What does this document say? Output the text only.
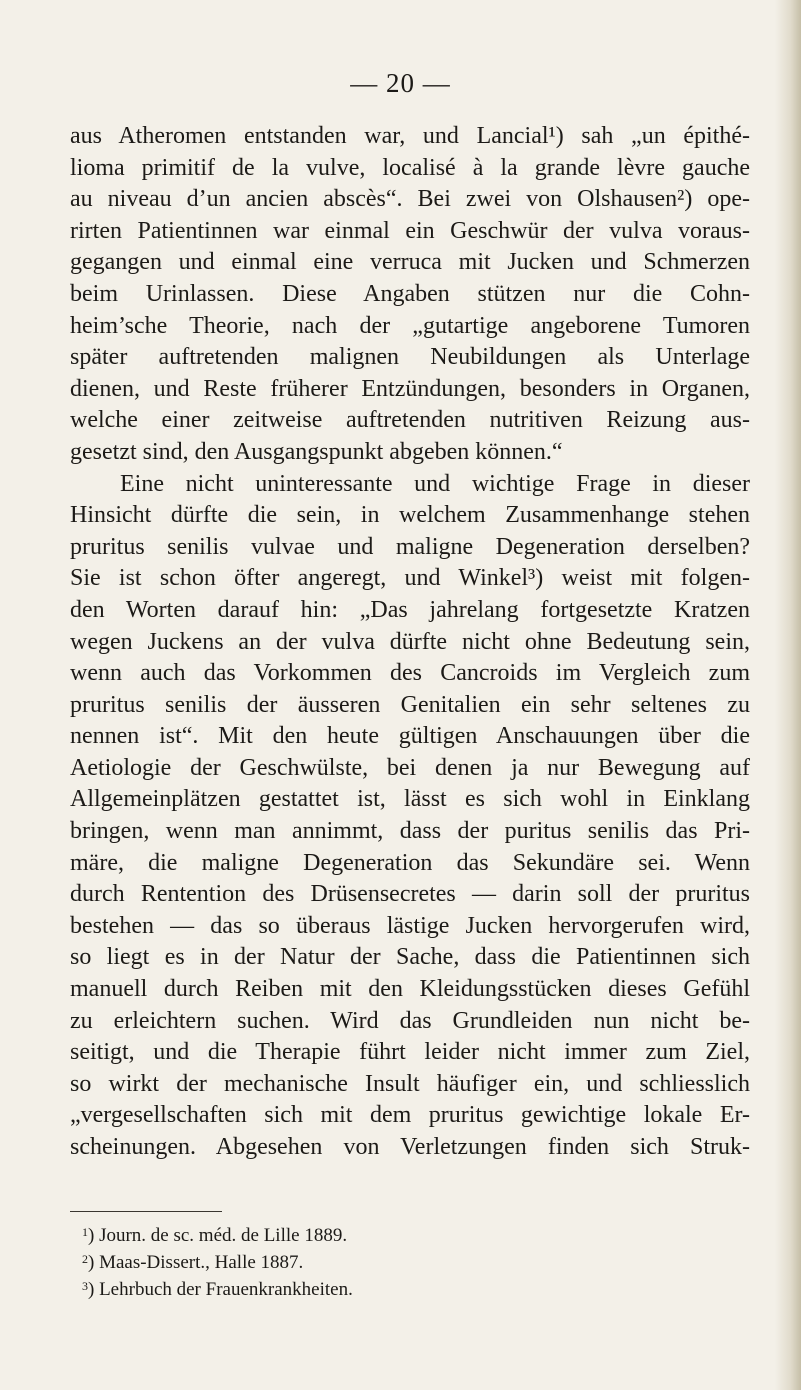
— 20 —
aus Atheromen entstanden war, und Lancial¹) sah „un épithé-
lioma primitif de la vulve, localisé à la grande lèvre gauche
au niveau d’un ancien abscès“. Bei zwei von Olshausen²) ope-
rirten Patientinnen war einmal ein Geschwür der vulva voraus-
gegangen und einmal eine verruca mit Jucken und Schmerzen
beim Urinlassen. Diese Angaben stützen nur die Cohn-
heim’sche Theorie, nach der „gutartige angeborene Tumoren
später auftretenden malignen Neubildungen als Unterlage
dienen, und Reste früherer Entzündungen, besonders in Organen,
welche einer zeitweise auftretenden nutritiven Reizung aus-
gesetzt sind, den Ausgangspunkt abgeben können.“
Eine nicht uninteressante und wichtige Frage in dieser
Hinsicht dürfte die sein, in welchem Zusammenhange stehen
pruritus senilis vulvae und maligne Degeneration derselben?
Sie ist schon öfter angeregt, und Winkel³) weist mit folgen-
den Worten darauf hin: „Das jahrelang fortgesetzte Kratzen
wegen Juckens an der vulva dürfte nicht ohne Bedeutung sein,
wenn auch das Vorkommen des Cancroids im Vergleich zum
pruritus senilis der äusseren Genitalien ein sehr seltenes zu
nennen ist“. Mit den heute gültigen Anschauungen über die
Aetiologie der Geschwülste, bei denen ja nur Bewegung auf
Allgemeinplätzen gestattet ist, lässt es sich wohl in Einklang
bringen, wenn man annimmt, dass der puritus senilis das Pri-
märe, die maligne Degeneration das Sekundäre sei. Wenn
durch Rentention des Drüsensecretes — darin soll der pruritus
bestehen — das so überaus lästige Jucken hervorgerufen wird,
so liegt es in der Natur der Sache, dass die Patientinnen sich
manuell durch Reiben mit den Kleidungsstücken dieses Gefühl
zu erleichtern suchen. Wird das Grundleiden nun nicht be-
seitigt, und die Therapie führt leider nicht immer zum Ziel,
so wirkt der mechanische Insult häufiger ein, und schliesslich
„vergesellschaften sich mit dem pruritus gewichtige lokale Er-
scheinungen. Abgesehen von Verletzungen finden sich Struk-
$^1$) Journ. de sc. méd. de Lille 1889.
$^2$) Maas-Dissert., Halle 1887.
$^3$) Lehrbuch der Frauenkrankheiten.
